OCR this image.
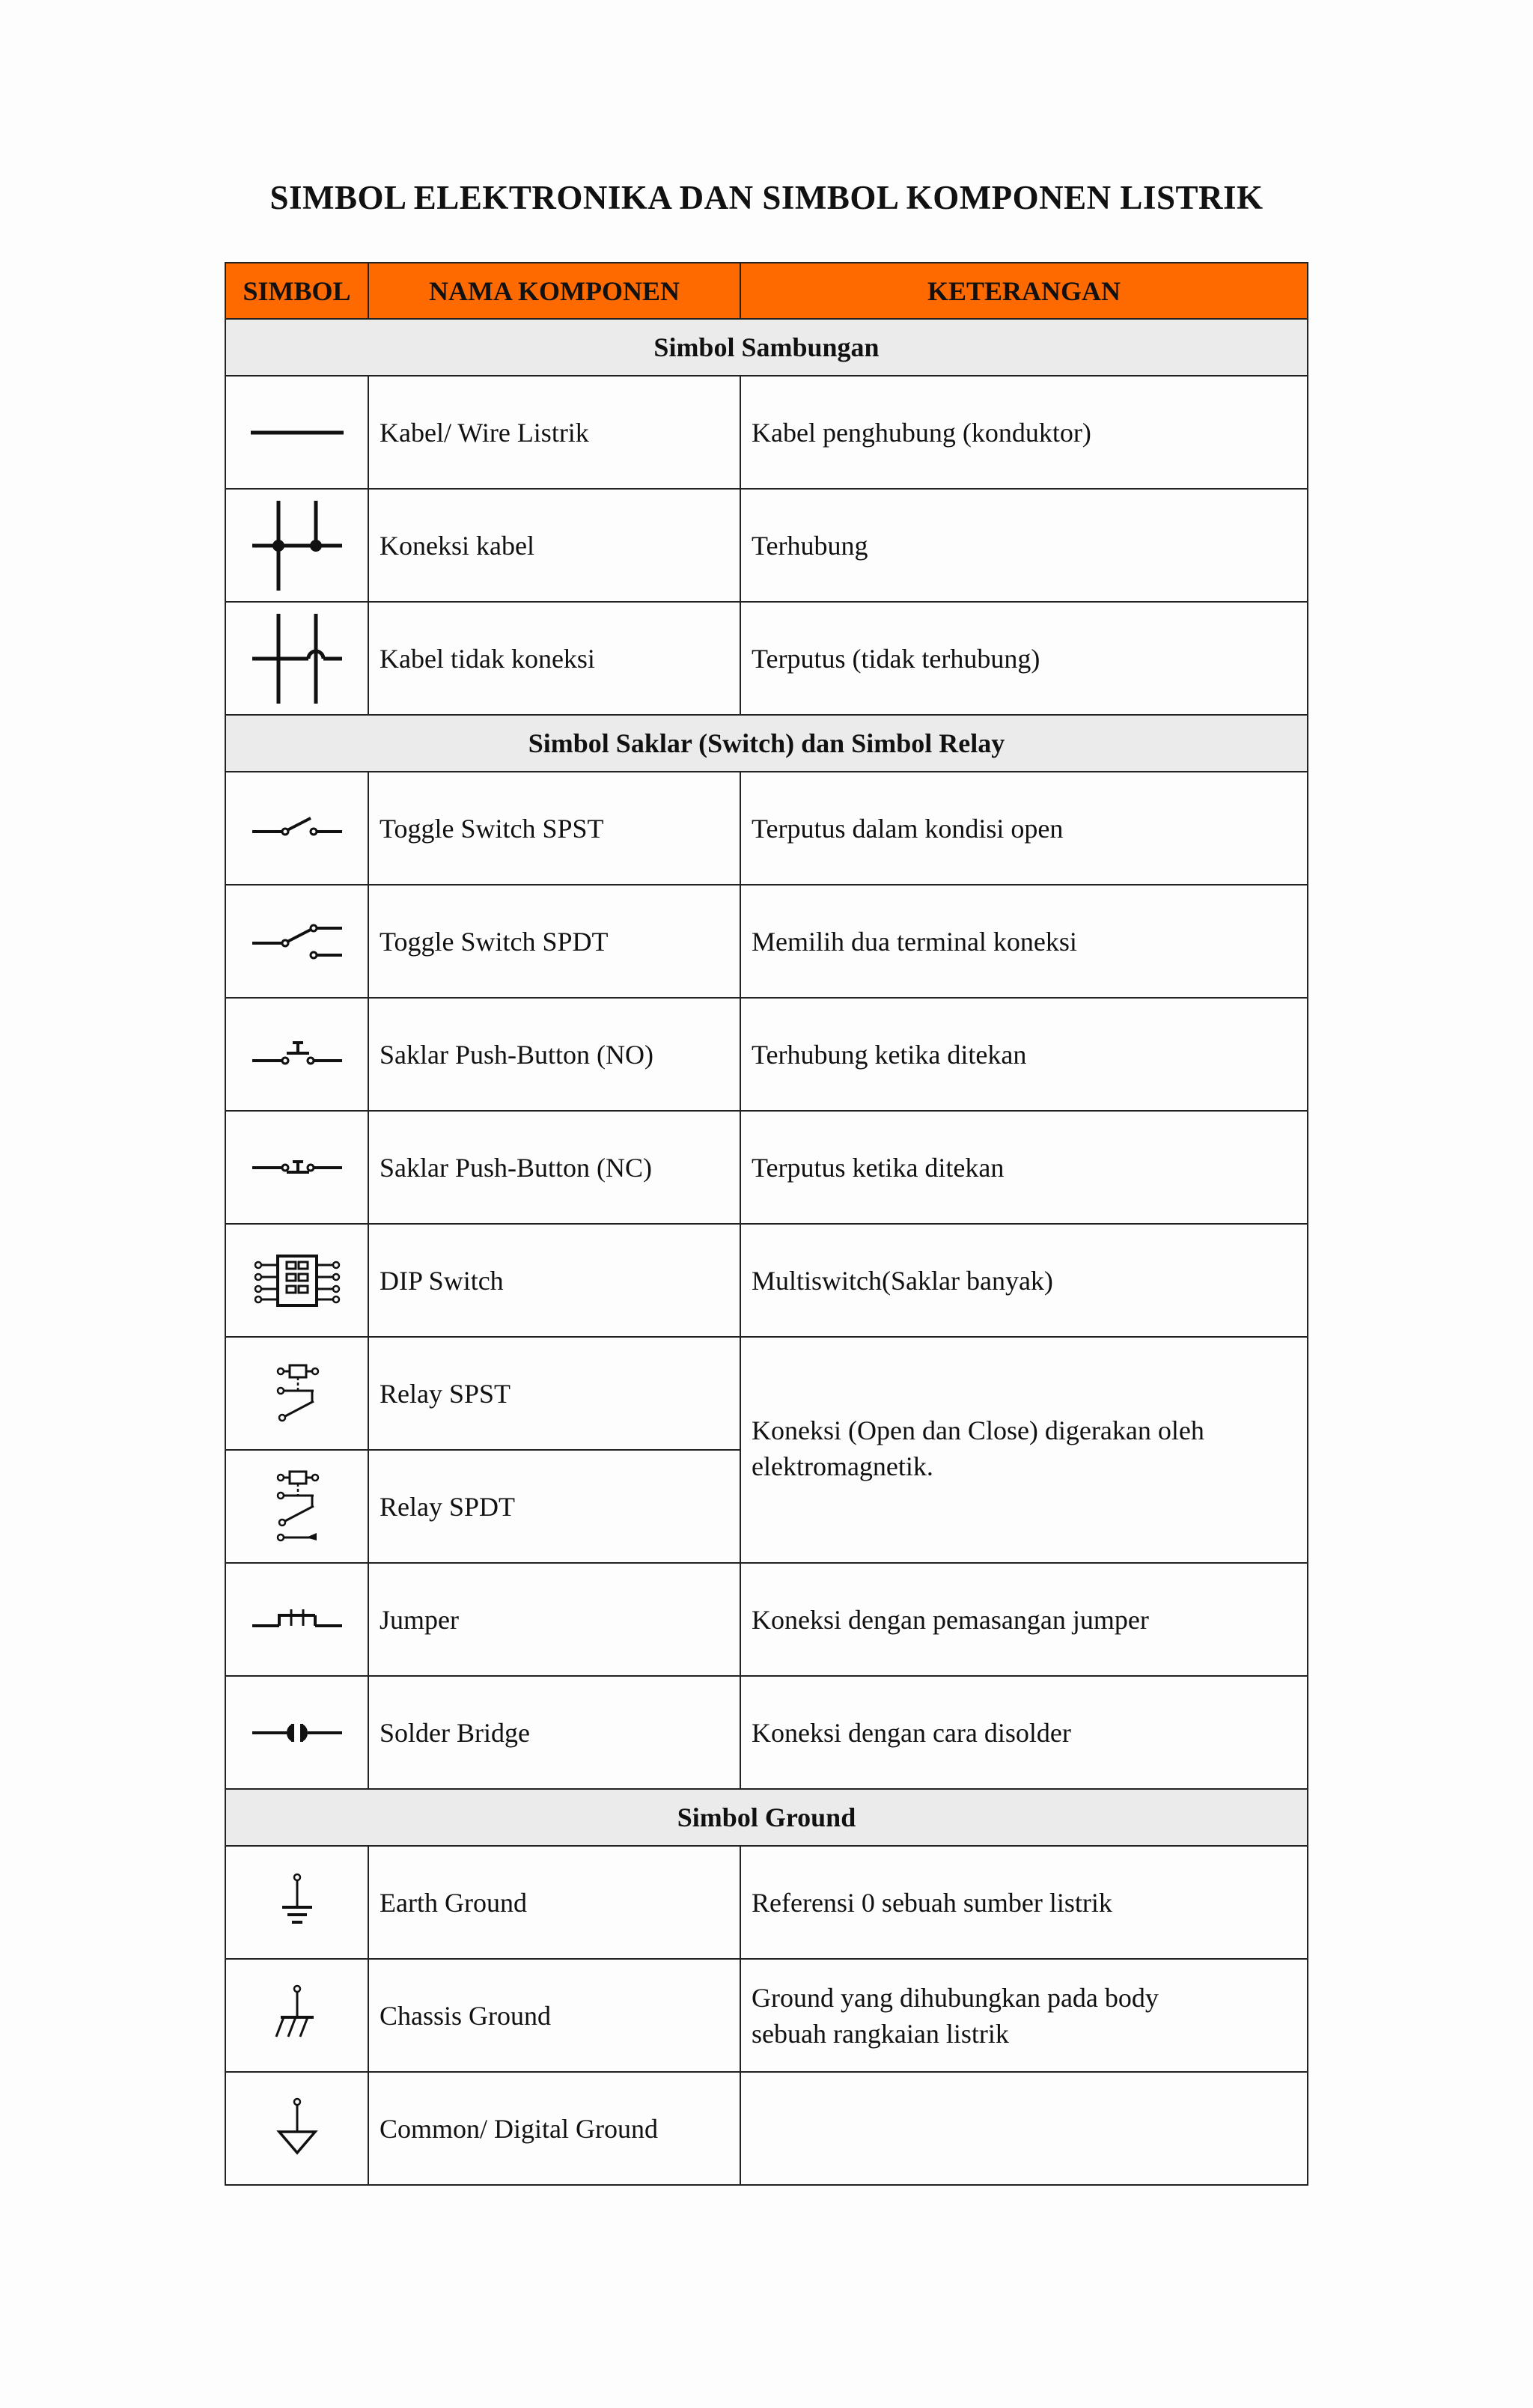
SIMBOL ELEKTRONIKA DAN SIMBOL KOMPONEN LISTRIK
SIMBOL	NAMA KOMPONEN	KETERANGAN
Simbol Sambungan		

	Kabel/ Wire Listrik	Kabel penghubung (konduktor)

	Koneksi kabel	Terhubung

	Kabel tidak koneksi	Terputus (tidak terhubung)
Simbol Saklar (Switch) dan Simbol Relay		

	Toggle Switch SPST	Terputus dalam kondisi open

	Toggle Switch SPDT	Memilih dua terminal koneksi

	Saklar Push-Button (NO)	Terhubung ketika ditekan

	Saklar Push-Button (NC)	Terputus ketika ditekan

	DIP Switch	Multiswitch(Saklar banyak)

	Relay SPST	Koneksi (Open dan Close) digerakan oleh
elektromagnetik.

	Relay SPDT	

	Jumper	Koneksi dengan pemasangan jumper

	Solder Bridge	Koneksi dengan cara disolder
Simbol Ground		

	Earth Ground	Referensi 0 sebuah sumber listrik

	Chassis Ground	Ground yang dihubungkan pada body
sebuah rangkaian listrik

	Common/ Digital Ground	
